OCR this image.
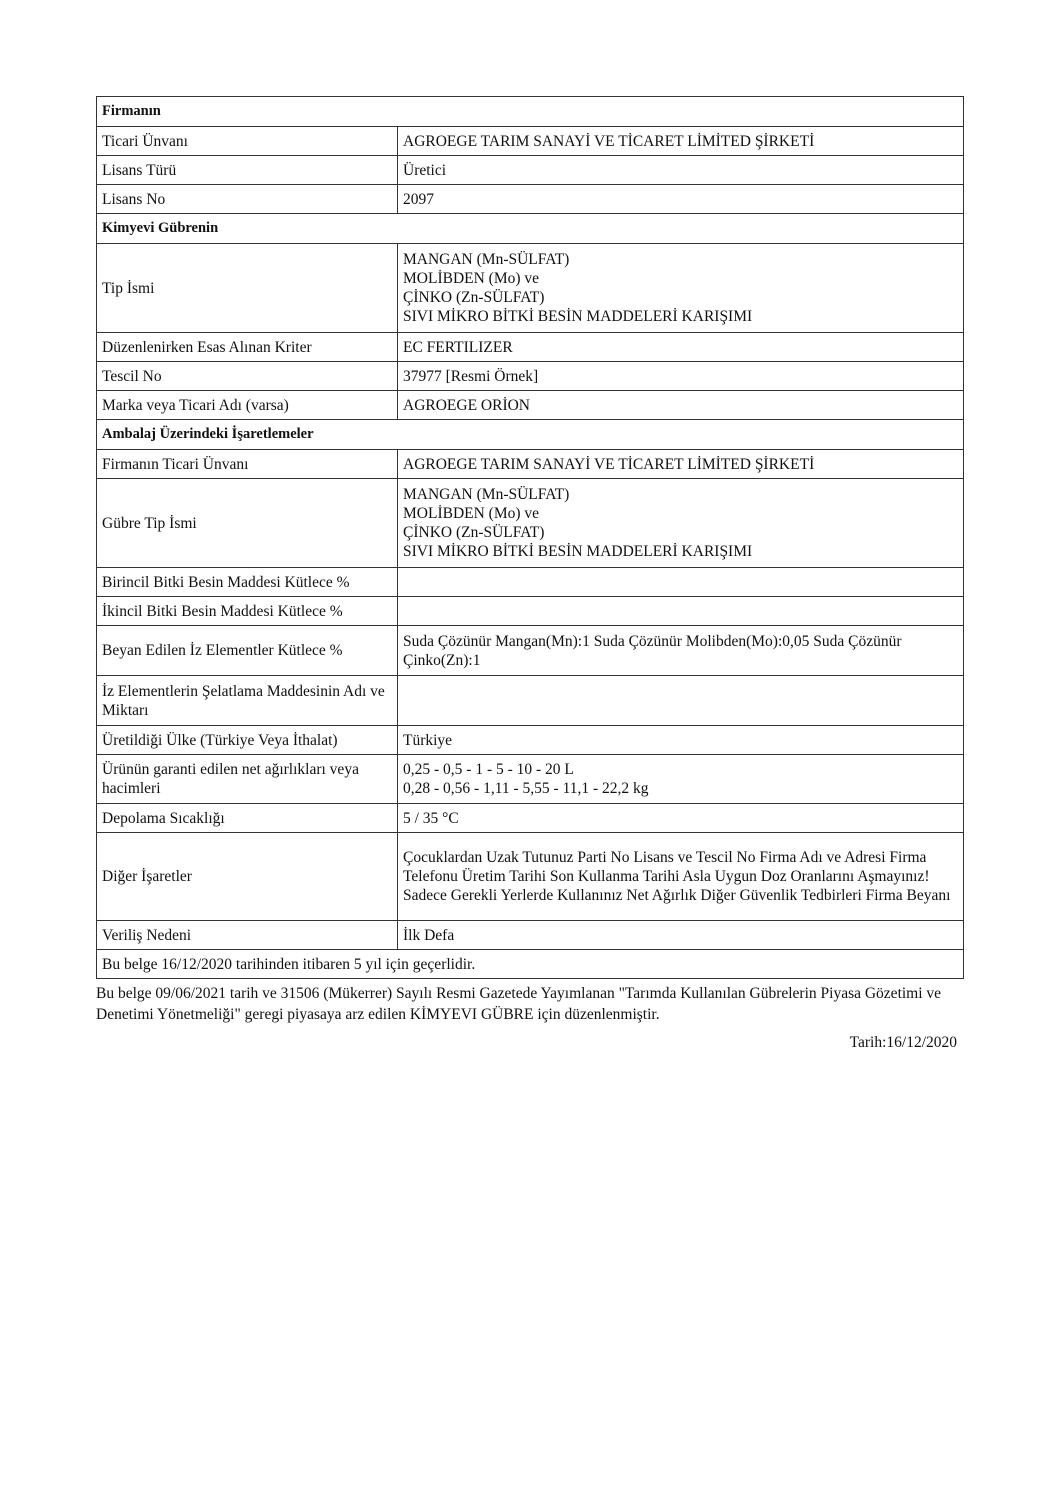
Firmanın	
Ticari Ünvanı	AGROEGE TARIM SANAYİ VE TİCARET LİMİTED ŞİRKETİ
Lisans Türü	Üretici
Lisans No	2097
Kimyevi Gübrenin	
Tip İsmi	MANGAN (Mn-SÜLFAT)
MOLİBDEN (Mo) ve
ÇİNKO (Zn-SÜLFAT)
SIVI MİKRO BİTKİ BESİN MADDELERİ KARIŞIMI

Düzenlenirken Esas Alınan Kriter	EC FERTILIZER
Tescil No	37977 [Resmi Örnek]
Marka veya Ticari Adı (varsa)	AGROEGE ORİON
Ambalaj Üzerindeki İşaretlemeler	
Firmanın Ticari Ünvanı	AGROEGE TARIM SANAYİ VE TİCARET LİMİTED ŞİRKETİ
Gübre Tip İsmi	MANGAN (Mn-SÜLFAT)
MOLİBDEN (Mo) ve
ÇİNKO (Zn-SÜLFAT)
SIVI MİKRO BİTKİ BESİN MADDELERİ KARIŞIMI

Birincil Bitki Besin Maddesi Kütlece %	
İkincil Bitki Besin Maddesi Kütlece %	
Beyan Edilen İz Elementler Kütlece %	Suda Çözünür Mangan(Mn):1 Suda Çözünür Molibden(Mo):0,05 Suda Çözünür Çinko(Zn):1
İz Elementlerin Şelatlama Maddesinin Adı ve Miktarı	
Üretildiği Ülke (Türkiye Veya İthalat)	Türkiye
Ürünün garanti edilen net ağırlıkları veya hacimleri	0,25 - 0,5 - 1 - 5 - 10 - 20 L
0,28 - 0,56 - 1,11 - 5,55 - 11,1 - 22,2 kg

Depolama Sıcaklığı	5 / 35 °C
Diğer İşaretler	Çocuklardan Uzak Tutunuz Parti No Lisans ve Tescil No Firma Adı ve Adresi Firma Telefonu Üretim Tarihi Son Kullanma Tarihi Asla Uygun Doz Oranlarını Aşmayınız! Sadece Gerekli Yerlerde Kullanınız Net Ağırlık Diğer Güvenlik Tedbirleri Firma Beyanı
Veriliş Nedeni	İlk Defa
Bu belge 16/12/2020 tarihinden itibaren 5 yıl için geçerlidir.	
Bu belge 09/06/2021 tarih ve 31506 (Mükerrer) Sayılı Resmi Gazetede Yayımlanan "Tarımda Kullanılan Gübrelerin Piyasa Gözetimi ve Denetimi Yönetmeliği" geregi piyasaya arz edilen KİMYEVI GÜBRE için düzenlenmiştir.
Tarih:16/12/2020
